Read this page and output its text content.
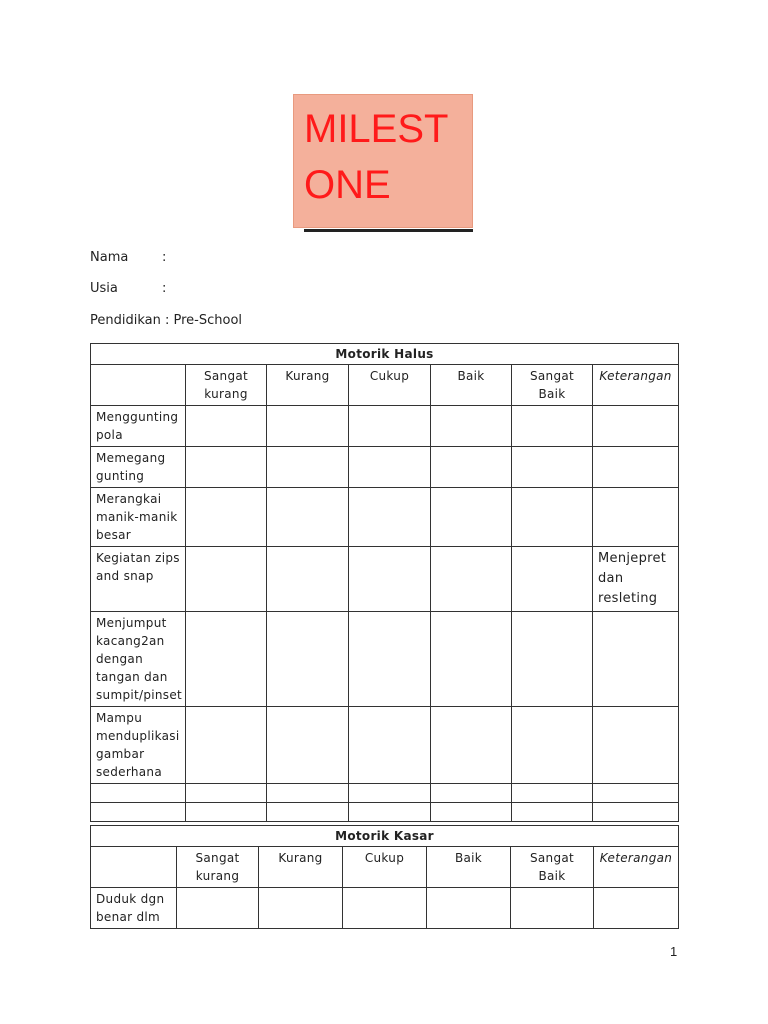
MILEST
ONE
Nama	:
Usia	:
Pendidikan : Pre-School
Motorik Halus						
	Sangat kurang	Kurang	Cukup	Baik	Sangat Baik	Keterangan
Menggunting pola						
Memegang gunting						
Merangkai manik-manik besar						
Kegiatan zips and snap						Menjepret dan resleting
Menjumput kacang2an dengan tangan dan sumpit/pinset						
Mampu menduplikasi gambar sederhana						

Motorik Kasar						
	Sangat kurang	Kurang	Cukup	Baik	Sangat Baik	Keterangan
Duduk dgn benar dlm						
1
